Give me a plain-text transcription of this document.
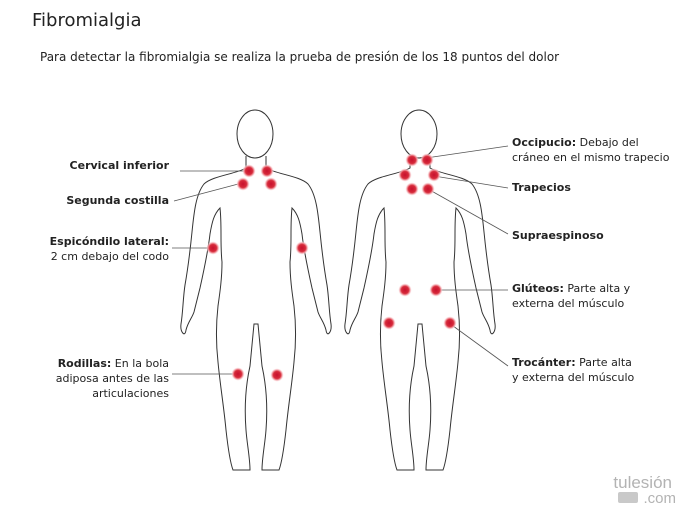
Fibromialgia
Para detectar la fibromialgia se realiza la prueba de presión de los 18 puntos del dolor
tulesión
.com
Cervical inferior
Segunda costilla
Espicóndilo lateral:
2 cm debajo del codo
Rodillas: En la bola
adiposa antes de las
articulaciones
Occipucio: Debajo del
cráneo en el mismo trapecio
Trapecios
Supraespinoso
Glúteos: Parte alta y
externa del músculo
Trocánter: Parte alta
y externa del músculo
